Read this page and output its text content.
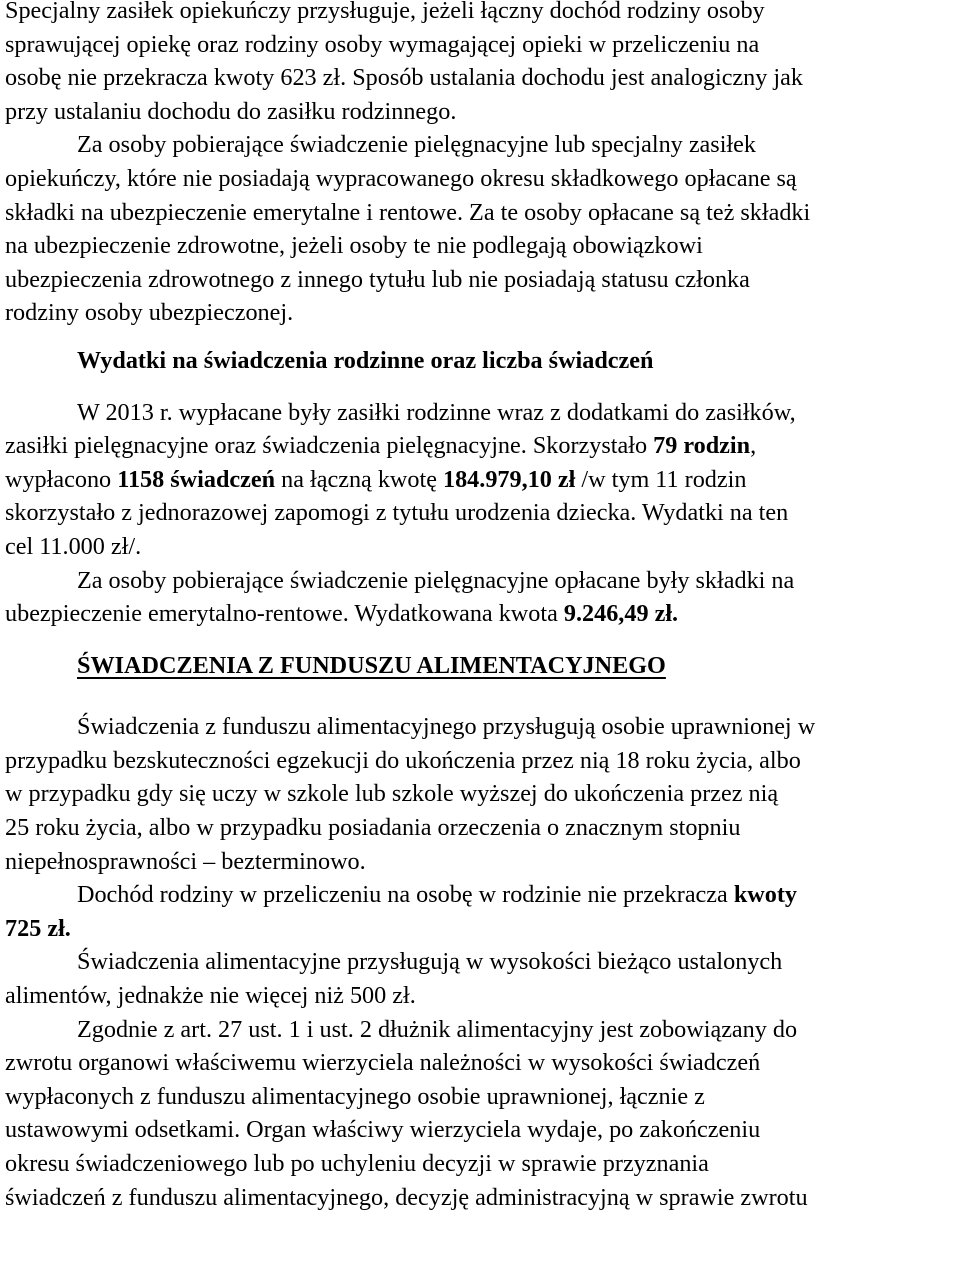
Specjalny zasiłek opiekuńczy przysługuje, jeżeli łączny dochód rodziny osoby
sprawującej opiekę oraz rodziny osoby wymagającej opieki w przeliczeniu na
osobę nie przekracza kwoty 623 zł. Sposób ustalania dochodu jest analogiczny jak
przy ustalaniu dochodu do zasiłku rodzinnego.
Za osoby pobierające świadczenie pielęgnacyjne lub specjalny zasiłek
opiekuńczy, które nie posiadają wypracowanego okresu składkowego opłacane są
składki na ubezpieczenie emerytalne i rentowe. Za te osoby opłacane są też składki
na ubezpieczenie zdrowotne, jeżeli osoby te nie podlegają obowiązkowi
ubezpieczenia zdrowotnego z innego tytułu lub nie posiadają statusu członka
rodziny osoby ubezpieczonej.
Wydatki na świadczenia rodzinne oraz liczba świadczeń
W 2013 r. wypłacane były zasiłki rodzinne wraz z dodatkami do zasiłków,
zasiłki pielęgnacyjne oraz świadczenia pielęgnacyjne. Skorzystało 79 rodzin,
wypłacono 1158 świadczeń na łączną kwotę 184.979,10 zł /w tym 11 rodzin
skorzystało z jednorazowej zapomogi z tytułu urodzenia dziecka. Wydatki na ten
cel 11.000 zł/.
Za osoby pobierające świadczenie pielęgnacyjne opłacane były składki na
ubezpieczenie emerytalno-rentowe. Wydatkowana kwota 9.246,49 zł.
ŚWIADCZENIA Z FUNDUSZU ALIMENTACYJNEGO
Świadczenia z funduszu alimentacyjnego przysługują osobie uprawnionej w
przypadku bezskuteczności egzekucji do ukończenia przez nią 18 roku życia, albo
w przypadku gdy się uczy w szkole lub szkole wyższej do ukończenia przez nią
25 roku życia, albo w przypadku posiadania orzeczenia o znacznym stopniu
niepełnosprawności – bezterminowo.
Dochód rodziny w przeliczeniu na osobę w rodzinie nie przekracza kwoty
725 zł.
Świadczenia alimentacyjne przysługują w wysokości bieżąco ustalonych
alimentów, jednakże nie więcej niż 500 zł.
Zgodnie z art. 27 ust. 1 i ust. 2 dłużnik alimentacyjny jest zobowiązany do
zwrotu organowi właściwemu wierzyciela należności w wysokości świadczeń
wypłaconych z funduszu alimentacyjnego osobie uprawnionej, łącznie z
ustawowymi odsetkami. Organ właściwy wierzyciela wydaje, po zakończeniu
okresu świadczeniowego lub po uchyleniu decyzji w sprawie przyznania
świadczeń z funduszu alimentacyjnego, decyzję administracyjną w sprawie zwrotu
